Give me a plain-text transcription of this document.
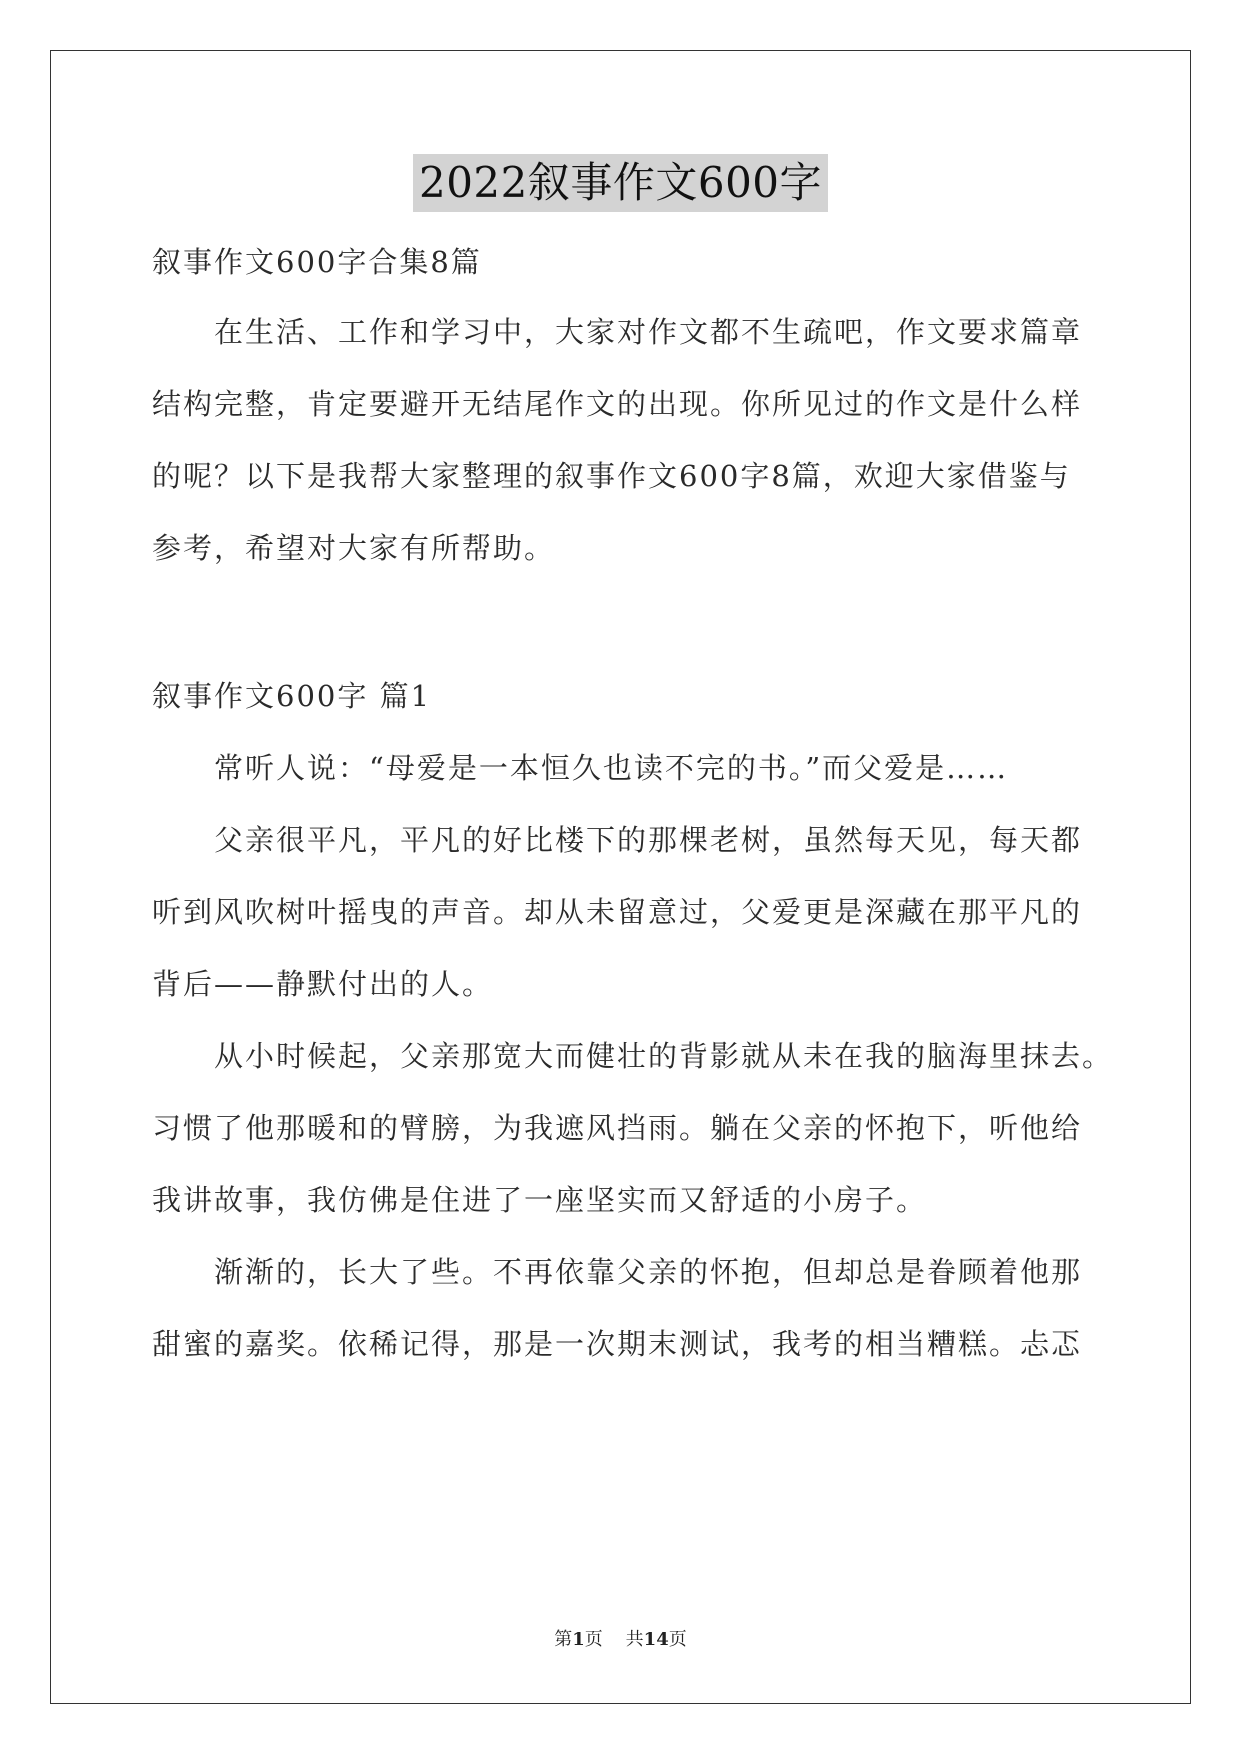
2022叙事作文600字
叙事作文600字合集8篇
在生活、工作和学习中，大家对作文都不生疏吧，作文要求篇章
结构完整，肯定要避开无结尾作文的出现。你所见过的作文是什么样
的呢？以下是我帮大家整理的叙事作文600字8篇，欢迎大家借鉴与
参考，希望对大家有所帮助。
叙事作文600字 篇1
常听人说：“母爱是一本恒久也读不完的书。”而父爱是……
父亲很平凡，平凡的好比楼下的那棵老树，虽然每天见，每天都
听到风吹树叶摇曳的声音。却从未留意过，父爱更是深藏在那平凡的
背后——静默付出的人。
从小时候起，父亲那宽大而健壮的背影就从未在我的脑海里抹去。
习惯了他那暖和的臂膀，为我遮风挡雨。躺在父亲的怀抱下，听他给
我讲故事，我仿佛是住进了一座坚实而又舒适的小房子。
渐渐的，长大了些。不再依靠父亲的怀抱，但却总是眷顾着他那
甜蜜的嘉奖。依稀记得，那是一次期末测试，我考的相当糟糕。忐忑
第1页 共14页
